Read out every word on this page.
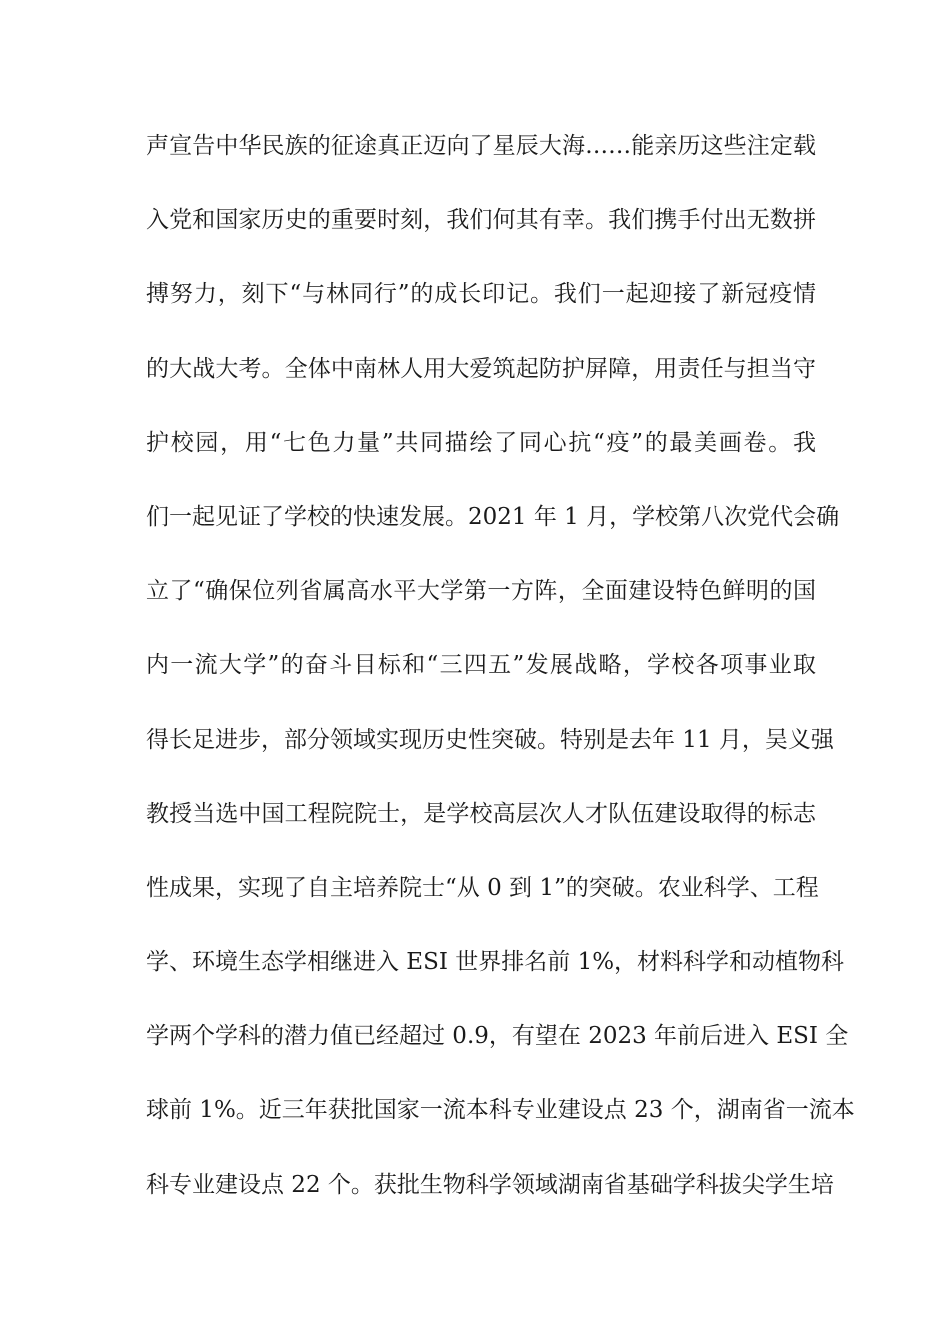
声宣告中华民族的征途真正迈向了星辰大海……能亲历这些注定载
入党和国家历史的重要时刻，我们何其有幸。我们携手付出无数拼
搏努力，刻下“与林同行”的成长印记。我们一起迎接了新冠疫情
的大战大考。全体中南林人用大爱筑起防护屏障，用责任与担当守
护校园，用“七色力量”共同描绘了同心抗“疫”的最美画卷。我
们一起见证了学校的快速发展。2021 年 1 月，学校第八次党代会确
立了“确保位列省属高水平大学第一方阵，全面建设特色鲜明的国
内一流大学”的奋斗目标和“三四五”发展战略，学校各项事业取
得长足进步，部分领域实现历史性突破。特别是去年 11 月，吴义强
教授当选中国工程院院士，是学校高层次人才队伍建设取得的标志
性成果，实现了自主培养院士“从 0 到 1”的突破。农业科学、工程
学、环境生态学相继进入 ESI 世界排名前 1%，材料科学和动植物科
学两个学科的潜力值已经超过 0.9，有望在 2023 年前后进入 ESI 全
球前 1%。近三年获批国家一流本科专业建设点 23 个，湖南省一流本
科专业建设点 22 个。获批生物科学领域湖南省基础学科拔尖学生培
